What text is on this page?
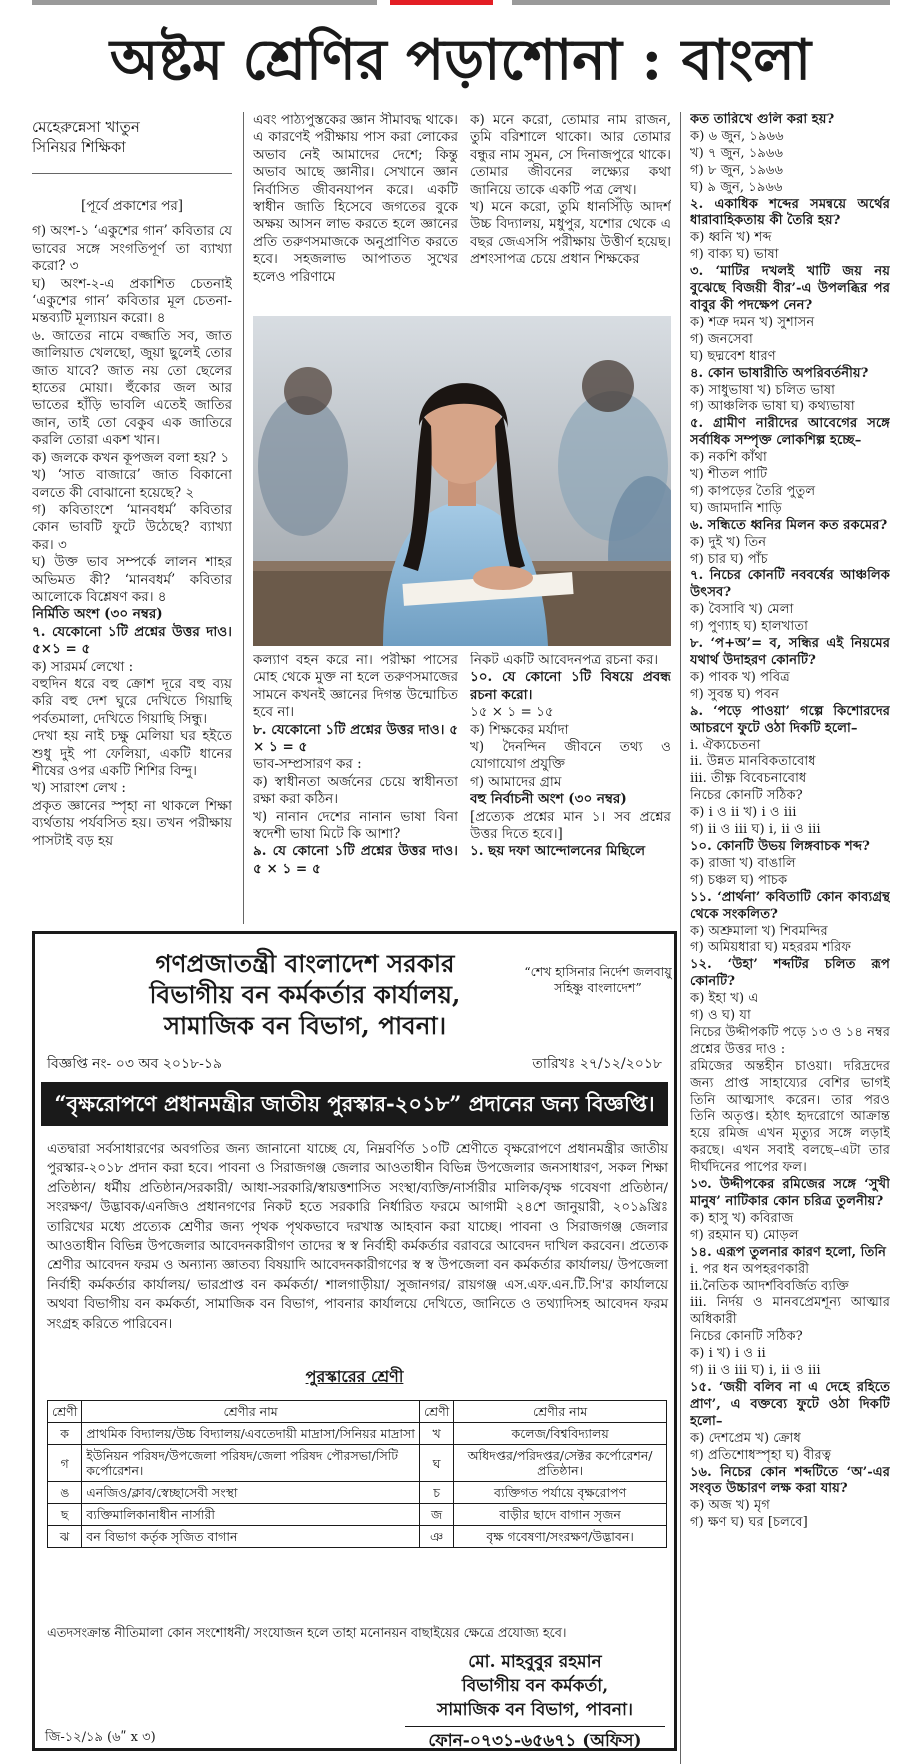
অষ্টম শ্রেণির পড়াশোনা : বাংলা
মেহেরুন্নেসা খাতুন
সিনিয়র শিক্ষিকা

[পূর্বে প্রকাশের পর]

গ) অংশ-১ ‘একুশের গান’ কবিতার যে ভাবের সঙ্গে সংগতিপূর্ণ তা ব্যাখ্যা করো? ৩

ঘ) অংশ-২-এ প্রকাশিত চেতনাই ‘একুশের গান’ কবিতার মূল চেতনা-মন্তব্যটি মূল্যায়ন করো। ৪

৬. জাতের নামে বজ্জাতি সব, জাত জালিয়াত খেলছো, জুয়া ছুলেই তোর জাত যাবে? জাত নয় তো ছেলের হাতের মোয়া। হুঁকোর জল আর ভাতের হাঁড়ি ভাবলি এতেই জাতির জান, তাই তো বেকুব এক জাতিরে করলি তোরা একশ খান।

ক) জলকে কখন কূপজল বলা হয়? ১

খ) ‘সাত বাজারে’ জাত বিকানো বলতে কী বোঝানো হয়েছে? ২

গ) কবিতাংশে ‘মানবধর্ম’ কবিতার কোন ভাবটি ফুটে উঠেছে? ব্যাখ্যা কর। ৩

ঘ) উক্ত ভাব সম্পর্কে লালন শাহর অভিমত কী? ‘মানবধর্ম’ কবিতার আলোকে বিশ্লেষণ কর। ৪

নির্মিতি অংশ (৩০ নম্বর)

৭. যেকোনো ১টি প্রশ্নের উত্তর দাও। ৫×১ = ৫

ক) সারমর্ম লেখো :

বহুদিন ধরে বহু ক্রোশ দূরে বহু ব্যয় করি বহু দেশ ঘুরে দেখিতে গিয়াছি পর্বতমালা, দেখিতে গিয়াছি সিন্ধু।

দেখা হয় নাই চক্ষু মেলিয়া ঘর হইতে শুধু দুই পা ফেলিয়া, একটি ধানের শীষের ওপর একটি শিশির বিন্দু।

খ) সারাংশ লেখ :

প্রকৃত জ্ঞানের স্পৃহা না থাকলে শিক্ষা ব্যর্থতায় পর্যবসিত হয়। তখন পরীক্ষায় পাসটাই বড় হয়

এবং পাঠ্যপুস্তকের জ্ঞান সীমাবদ্ধ থাকে। এ কারণেই পরীক্ষায় পাস করা লোকের অভাব নেই আমাদের দেশে; কিন্তু অভাব আছে জ্ঞানীর। সেখানে জ্ঞান নির্বাসিত জীবনযাপন করে। একটি স্বাধীন জাতি হিসেবে জগতের বুকে অক্ষয় আসন লাভ করতে হলে জ্ঞানের প্রতি তরুণসমাজকে অনুপ্রাণিত করতে হবে। সহজলাভ আপাতত সুখের হলেও পরিণামে

ক) মনে করো, তোমার নাম রাজন, তুমি বরিশালে থাকো। আর তোমার বন্ধুর নাম সুমন, সে দিনাজপুরে থাকে। তোমার জীবনের লক্ষ্যের কথা জানিয়ে তাকে একটি পত্র লেখ।

খ) মনে করো, তুমি ধানসিঁড়ি আদর্শ উচ্চ বিদ্যালয়, মধুপুর, যশোর থেকে এ বছর জেএসসি পরীক্ষায় উত্তীর্ণ হয়েছ। প্রশংসাপত্র চেয়ে প্রধান শিক্ষকের

কল্যাণ বহন করে না। পরীক্ষা পাসের মোহ থেকে মুক্ত না হলে তরুণসমাজের সামনে কখনই জ্ঞানের দিগন্ত উন্মোচিত হবে না।

৮. যেকোনো ১টি প্রশ্নের উত্তর দাও। ৫ × ১ = ৫

ভাব-সম্প্রসারণ কর :

ক) স্বাধীনতা অর্জনের চেয়ে স্বাধীনতা রক্ষা করা কঠিন।

খ) নানান দেশের নানান ভাষা বিনা স্বদেশী ভাষা মিটে কি আশা?

৯. যে কোনো ১টি প্রশ্নের উত্তর দাও। ৫ × ১ = ৫

নিকট একটি আবেদনপত্র রচনা কর।

১০. যে কোনো ১টি বিষয়ে প্রবন্ধ রচনা করো।

১৫ × ১ = ১৫

ক) শিক্ষকের মর্যাদা

খ) দৈনন্দিন জীবনে তথ্য ও যোগাযোগ প্রযুক্তি

গ) আমাদের গ্রাম

বহু নির্বাচনী অংশ (৩০ নম্বর)

[প্রত্যেক প্রশ্নের মান ১। সব প্রশ্নের উত্তর দিতে হবে।]

১. ছয় দফা আন্দোলনের মিছিলে

কত তারিখে গুলি করা হয়?

ক) ৬ জুন, ১৯৬৬

খ) ৭ জুন, ১৯৬৬

গ) ৮ জুন, ১৯৬৬

ঘ) ৯ জুন, ১৯৬৬

২. একাধিক শব্দের সমন্বয়ে অর্থের ধারাবাহিকতায় কী তৈরি হয়?

ক) ধ্বনি খ) শব্দ

গ) বাক্য ঘ) ভাষা

৩. ‘মাটির দখলই খাটি জয় নয় বুঝেছে বিজয়ী বীর’-এ উপলব্ধির পর বাবুর কী পদক্ষেপ নেন?

ক) শত্রু দমন খ) সুশাসন

গ) জনসেবা

ঘ) ছদ্মবেশ ধারণ

৪. কোন ভাষারীতি অপরিবর্তনীয়?

ক) সাধুভাষা খ) চলিত ভাষা

গ) আঞ্চলিক ভাষা ঘ) কথ্যভাষা

৫. গ্রামীণ নারীদের আবেগের সঙ্গে সর্বাধিক সম্পৃক্ত লোকশিল্প হচ্ছে–

ক) নকশি কাঁথা

খ) শীতল পাটি

গ) কাপড়ের তৈরি পুতুল

ঘ) জামদানি শাড়ি

৬. সন্ধিতে ধ্বনির মিলন কত রকমের?

ক) দুই খ) তিন

গ) চার ঘ) পাঁচ

৭. নিচের কোনটি নববর্ষের আঞ্চলিক উৎসব?

ক) বৈসাবি খ) মেলা

গ) পুণ্যাহ ঘ) হালখাতা

৮. ‘প+অ’= ব, সন্ধির এই নিয়মের যথার্থ উদাহরণ কোনটি?

ক) পাবক খ) পবিত্র

গ) সুবন্ত ঘ) পবন

৯. ‘পড়ে পাওয়া’ গল্পে কিশোরদের আচরণে ফুটে ওঠা দিকটি হলো–

i. ঐক্যচেতনা

ii. উন্নত মানবিকতাবোধ

iii. তীক্ষ্ণ বিবেচনাবোধ

নিচের কোনটি সঠিক?

ক) i ও ii খ) i ও iii

গ) ii ও iii ঘ) i, ii ও iii

১০. কোনটি উভয় লিঙ্গবাচক শব্দ?

ক) রাজা খ) বাঙালি

গ) চঞ্চল ঘ) পাচক

১১. ‘প্রার্থনা’ কবিতাটি কোন কাব্যগ্রন্থ থেকে সংকলিত?

ক) অশ্রুমালা খ) শিবমন্দির

গ) অমিয়ধারা ঘ) মহররম শরিফ

১২. ‘উহা’ শব্দটির চলিত রূপ কোনটি?

ক) ইহা খ) এ

গ) ও ঘ) যা

নিচের উদ্দীপকটি পড়ে ১৩ ও ১৪ নম্বর প্রশ্নের উত্তর দাও :

রমিজের অন্তহীন চাওয়া। দরিদ্রদের জন্য প্রাপ্ত সাহায্যের বেশির ভাগই তিনি আত্মসাৎ করেন। তার পরও তিনি অতৃপ্ত। হঠাৎ হৃদরোগে আক্রান্ত হয়ে রমিজ এখন মৃত্যুর সঙ্গে লড়াই করছে। এখন সবাই বলছে–এটা তার দীর্ঘদিনের পাপের ফল।

১৩. উদ্দীপকের রমিজের সঙ্গে ‘সুখী মানুষ’ নাটিকার কোন চরিত্র তুলনীয়?

ক) হাসু খ) কবিরাজ

গ) রহমান ঘ) মোড়ল

১৪. এরূপ তুলনার কারণ হলো, তিনি

i. পর ধন অপহরণকারী

ii.নৈতিক আদর্শবিবর্জিত ব্যক্তি

iii. নির্দয় ও মানবপ্রেমশূন্য আত্মার অধিকারী

নিচের কোনটি সঠিক?

ক) i খ) i ও ii

গ) ii ও iii ঘ) i, ii ও iii

১৫. ‘জয়ী বলিব না এ দেহে রহিতে প্রাণ’, এ বক্তব্যে ফুটে ওঠা দিকটি হলো–

ক) দেশপ্রেম খ) ক্রোধ

গ) প্রতিশোধস্পৃহা ঘ) বীরত্ব

১৬. নিচের কোন শব্দটিতে ‘অ’-এর সংবৃত উচ্চারণ লক্ষ করা যায়?

ক) অজ খ) মৃগ

গ) ক্ষণ ঘ) ঘর [চলবে]

গণপ্রজাতন্ত্রী বাংলাদেশ সরকার
বিভাগীয় বন কর্মকর্তার কার্যালয়,
সামাজিক বন বিভাগ, পাবনা।
“শেখ হাসিনার নির্দেশ জলবায়ু সহিষ্ণু বাংলাদেশ”
বিজ্ঞপ্তি নং- ০৩ অব ২০১৮-১৯	তারিখঃ ২৭/১২/২০১৮
“বৃক্ষরোপণে প্রধানমন্ত্রীর জাতীয় পুরস্কার-২০১৮” প্রদানের জন্য বিজ্ঞপ্তি।
এতদ্বারা সর্বসাধারণের অবগতির জন্য জানানো যাচ্ছে যে, নিম্নবর্ণিত ১০টি শ্রেণীতে বৃক্ষরোপণে প্রধানমন্ত্রীর জাতীয় পুরস্কার-২০১৮ প্রদান করা হবে। পাবনা ও সিরাজগঞ্জ জেলার আওতাধীন বিভিন্ন উপজেলার জনসাধারণ, সকল শিক্ষা প্রতিষ্ঠান/ ধর্মীয় প্রতিষ্ঠান/সরকারী/ আধা-সরকারি/স্বায়ত্তশাসিত সংস্থা/ব্যক্তি/নার্সারীর মালিক/বৃক্ষ গবেষণা প্রতিষ্ঠান/সংরক্ষণ/ উদ্ভাবক/এনজিও প্রধানগণের নিকট হতে সরকারি নির্ধারিত ফরমে আগামী ২৪শে জানুয়ারী, ২০১৯খ্রিঃ তারিখের মধ্যে প্রত্যেক শ্রেণীর জন্য পৃথক পৃথকভাবে দরখাস্ত আহবান করা যাচ্ছে। পাবনা ও সিরাজগঞ্জ জেলার আওতাধীন বিভিন্ন উপজেলার আবেদনকারীগণ তাদের স্ব স্ব নির্বাহী কর্মকর্তার বরাবরে আবেদন দাখিল করবেন। প্রত্যেক শ্রেণীর আবেদন ফরম ও অন্যান্য জ্ঞাতব্য বিষয়াদি আবেদনকারীগণের স্ব স্ব উপজেলা বন কর্মকর্তার কার্যালয়/ উপজেলা নির্বাহী কর্মকর্তার কার্যালয়/ ভারপ্রাপ্ত বন কর্মকর্তা/ শালগাড়ীয়া/ সুজানগর/ রায়গঞ্জ এস.এফ.এন.টি.সি'র কার্যালয়ে অথবা বিভাগীয় বন কর্মকর্তা, সামাজিক বন বিভাগ, পাবনার কার্যালয়ে দেখিতে, জানিতে ও তথ্যাদিসহ আবেদন ফরম সংগ্রহ করিতে পারিবেন।
পুরস্কারের শ্রেণী
শ্রেণী	শ্রেণীর নাম	শ্রেণী	শ্রেণীর নাম
ক	প্রাথমিক বিদ্যালয়/উচ্চ বিদ্যালয়/এবতেদায়ী মাদ্রাসা/সিনিয়র মাদ্রাসা	খ	কলেজ/বিশ্ববিদ্যালয়
গ	ইউনিয়ন পরিষদ/উপজেলা পরিষদ/জেলা পরিষদ পৌরসভা/সিটি কর্পোরেশন।	ঘ	অধিদপ্তর/পরিদপ্তর/সেক্টর কর্পোরেশন/প্রতিষ্ঠান।
ঙ	এনজিও/ক্লাব/স্বেচ্ছাসেবী সংস্থা	চ	ব্যক্তিগত পর্যায়ে বৃক্ষরোপণ
ছ	ব্যক্তিমালিকানাধীন নার্সারী	জ	বাড়ীর ছাদে বাগান সৃজন
ঝ	বন বিভাগ কর্তৃক সৃজিত বাগান	ঞ	বৃক্ষ গবেষণা/সংরক্ষণ/উদ্ভাবন।
এতদসংক্রান্ত নীতিমালা কোন সংশোধনী/ সংযোজন হলে তাহা মনোনয়ন বাছাইয়ের ক্ষেত্রে প্রযোজ্য হবে।
মো. মাহবুবুর রহমান
বিভাগীয় বন কর্মকর্তা,
সামাজিক বন বিভাগ, পাবনা।
ফোন-০৭৩১-৬৫৬৭১ (অফিস)
জি-১২/১৯ (৬ʺ x ৩)
